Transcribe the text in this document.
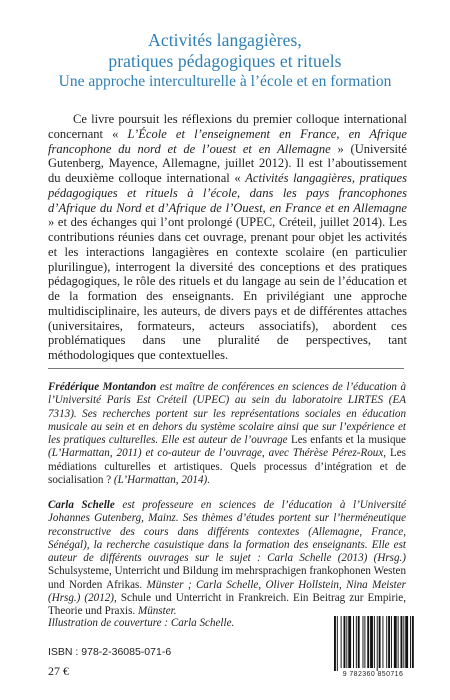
Activités langagières,
pratiques pédagogiques et rituels
Une approche interculturelle à l’école et en formation
Ce livre poursuit les réflexions du premier colloque international concernant « L’École et l’enseignement en France, en Afrique francophone du nord et de l’ouest et en Allemagne » (Université Gutenberg, Mayence, Allemagne, juillet 2012). Il est l’aboutissement du deuxième colloque international « Activités langagières, pratiques pédagogiques et rituels à l’école, dans les pays francophones d’Afrique du Nord et d’Afrique de l’Ouest, en France et en Allemagne » et des échanges qui l’ont prolongé (UPEC, Créteil, juillet 2014). Les contributions réunies dans cet ouvrage, prenant pour objet les activités et les interactions langagières en contexte scolaire (en particulier plurilingue), interrogent la diversité des conceptions et des pratiques pédagogiques, le rôle des rituels et du langage au sein de l’éducation et de la formation des enseignants. En privilégiant une approche multidisciplinaire, les auteurs, de divers pays et de différentes attaches (universitaires, formateurs, acteurs associatifs), abordent ces problématiques dans une pluralité de perspectives, tant méthodologiques que contextuelles.
Frédérique Montandon est maître de conférences en sciences de l’éducation à l’Université Paris Est Créteil (UPEC) au sein du laboratoire LIRTES (EA 7313). Ses recherches portent sur les représentations sociales en éducation musicale au sein et en dehors du système scolaire ainsi que sur l’expérience et les pratiques culturelles. Elle est auteur de l’ouvrage Les enfants et la musique (L’Harmattan, 2011) et co-auteur de l’ouvrage, avec Thérèse Pérez-Roux, Les médiations culturelles et artistiques. Quels processus d’intégration et de socialisation ? (L’Harmattan, 2014).
Carla Schelle est professeure en sciences de l’éducation à l’Université Johannes Gutenberg, Mainz. Ses thèmes d’études portent sur l’herméneutique reconstructive des cours dans différents contextes (Allemagne, France, Sénégal), la recherche casuistique dans la formation des enseignants. Elle est auteur de différents ouvrages sur le sujet : Carla Schelle (2013) (Hrsg.) Schulsysteme, Unterricht und Bildung im mehrsprachigen frankophonen Westen und Norden Afrikas. Münster ; Carla Schelle, Oliver Hollstein, Nina Meister (Hrsg.) (2012), Schule und Unterricht in Frankreich. Ein Beitrag zur Empirie, Theorie und Praxis. Münster.
Illustration de couverture : Carla Schelle.
ISBN : 978-2-36085-071-6
27 €	9 782360 850716
